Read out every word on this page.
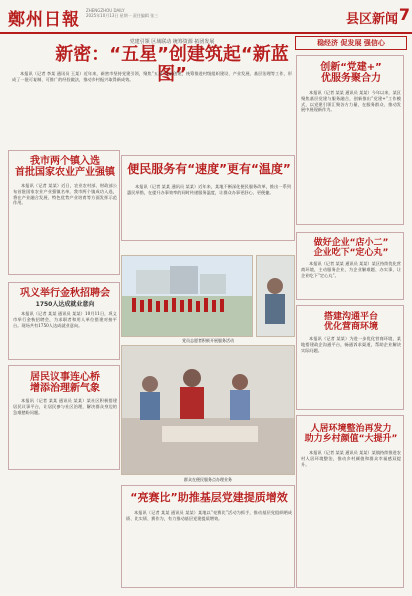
鄭州日報 ZHENGZHOU DAILY
2025年10月13日 星期一 责任编辑 张三	县区新闻 7
稳经济 促发展 强信心
党建引领 区域联动 统筹资源 拓团发展
新密：“五星”创建筑起“新蓝图”

本报讯（记者 李某 通讯员 王某）近年来，新密市坚持党建引领，聚焦“五星”支部创建，统筹推进村级组织建设、产业发展、基层治理等工作，形成了一批可复制、可推广的经验做法，推动乡村振兴取得新成效。

创新“党建+”
优服务聚合力

本报讯（记者 某某 通讯员 某某）今年以来，某区聚焦基层党建与服务融合，创新推出“党建+”工作模式，以党建引领汇聚各方力量，在服务群众、推动发展中展现新作为。

我市两个镇入选
首批国家农业产业强镇

本报讯（记者 某某）近日，农业农村部、财政部公布首批国家农业产业强镇名单，我市两个镇成功入选，将在产业融合发展、特色优势产业培育等方面发挥示范作用。

便民服务有“速度”更有“温度”

本报讯（记者 某某 通讯员 某某）近年来，某地不断深化便民服务改革，推出一系列惠民举措，在提升办事效率的同时传递服务温度，让群众办事更舒心、更便捷。

巩义举行金秋招聘会
1750人达成就业意向

本报讯（记者 某某 通讯员 某某）10月11日，巩义市举行金秋招聘会，为求职者和用人单位搭建对接平台。现场共有1750人达成就业意向。

做好企业“店小二”
企业吃下“定心丸”

本报讯（记者 某某 通讯员 某某）某区持续优化营商环境，主动服务企业，为企业解难题、办实事，让企业吃下“定心丸”。

搭建沟通平台
优化营商环境

本报讯（记者 某某）为进一步优化营商环境，某地搭建政企沟通平台，畅通诉求渠道，帮助企业解决实际问题。

居民议事连心桥
增添治理新气象

本报讯（记者 某某 通讯员 某某）某社区积极搭建居民议事平台，让居民参与社区治理，解决群众身边的急难愁盼问题。

党员志愿者积极开展服务活动
群众在便民服务点办理业务
“亮赛比”助推基层党建提质增效

本报讯（记者 某某 通讯员 某某）某地以“亮赛比”活动为抓手，推动基层党组织晒成绩、比实绩、赛作为，有力推动基层党建提质增效。

人居环境整治再发力
助力乡村颜值“大提升”

本报讯（记者 某某 通讯员 某某）某镇持续推进农村人居环境整治，推动乡村颜值和群众幸福感双提升。
